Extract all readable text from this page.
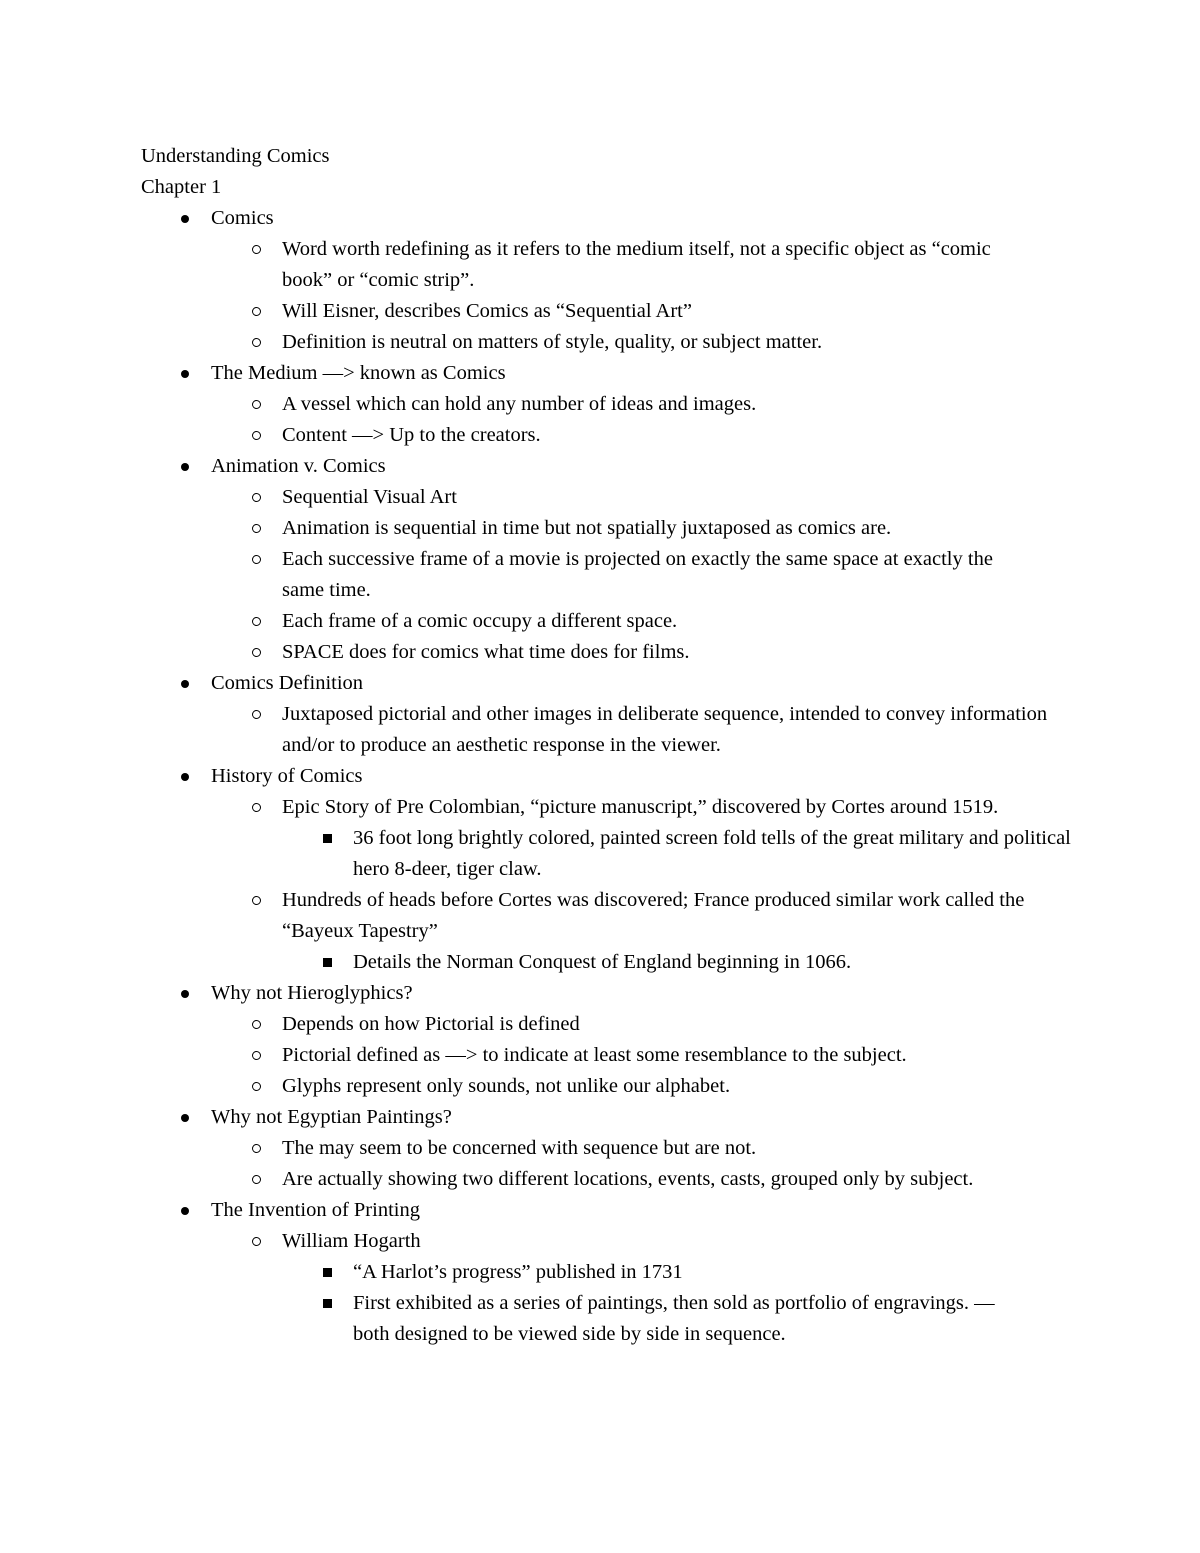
Understanding Comics
Chapter 1
Comics
Word worth redefining as it refers to the medium itself, not a specific object as “comic book” or “comic strip”.
Will Eisner, describes Comics as “Sequential Art”
Definition is neutral on matters of style, quality, or subject matter.
The Medium —> known as Comics
A vessel which can hold any number of ideas and images.
Content —> Up to the creators.
Animation v. Comics
Sequential Visual Art
Animation is sequential in time but not spatially juxtaposed as comics are.
Each successive frame of a movie is projected on exactly the same space at exactly the same time.
Each frame of a comic occupy a different space.
SPACE does for comics what time does for films.
Comics Definition
Juxtaposed pictorial and other images in deliberate sequence, intended to convey information and/or to produce an aesthetic response in the viewer.
History of Comics
Epic Story of Pre Colombian, “picture manuscript,” discovered by Cortes around 1519.
36 foot long brightly colored, painted screen fold tells of the great military and political hero 8-deer, tiger claw.
Hundreds of heads before Cortes was discovered; France produced similar work called the “Bayeux Tapestry”
Details the Norman Conquest of England beginning in 1066.
Why not Hieroglyphics?
Depends on how Pictorial is defined
Pictorial defined as —> to indicate at least some resemblance to the subject.
Glyphs represent only sounds, not unlike our alphabet.
Why not Egyptian Paintings?
The may seem to be concerned with sequence but are not.
Are actually showing two different locations, events, casts, grouped only by subject.
The Invention of Printing
William Hogarth
“A Harlot’s progress” published in 1731
First exhibited as a series of paintings, then sold as portfolio of engravings. — both designed to be viewed side by side in sequence.
